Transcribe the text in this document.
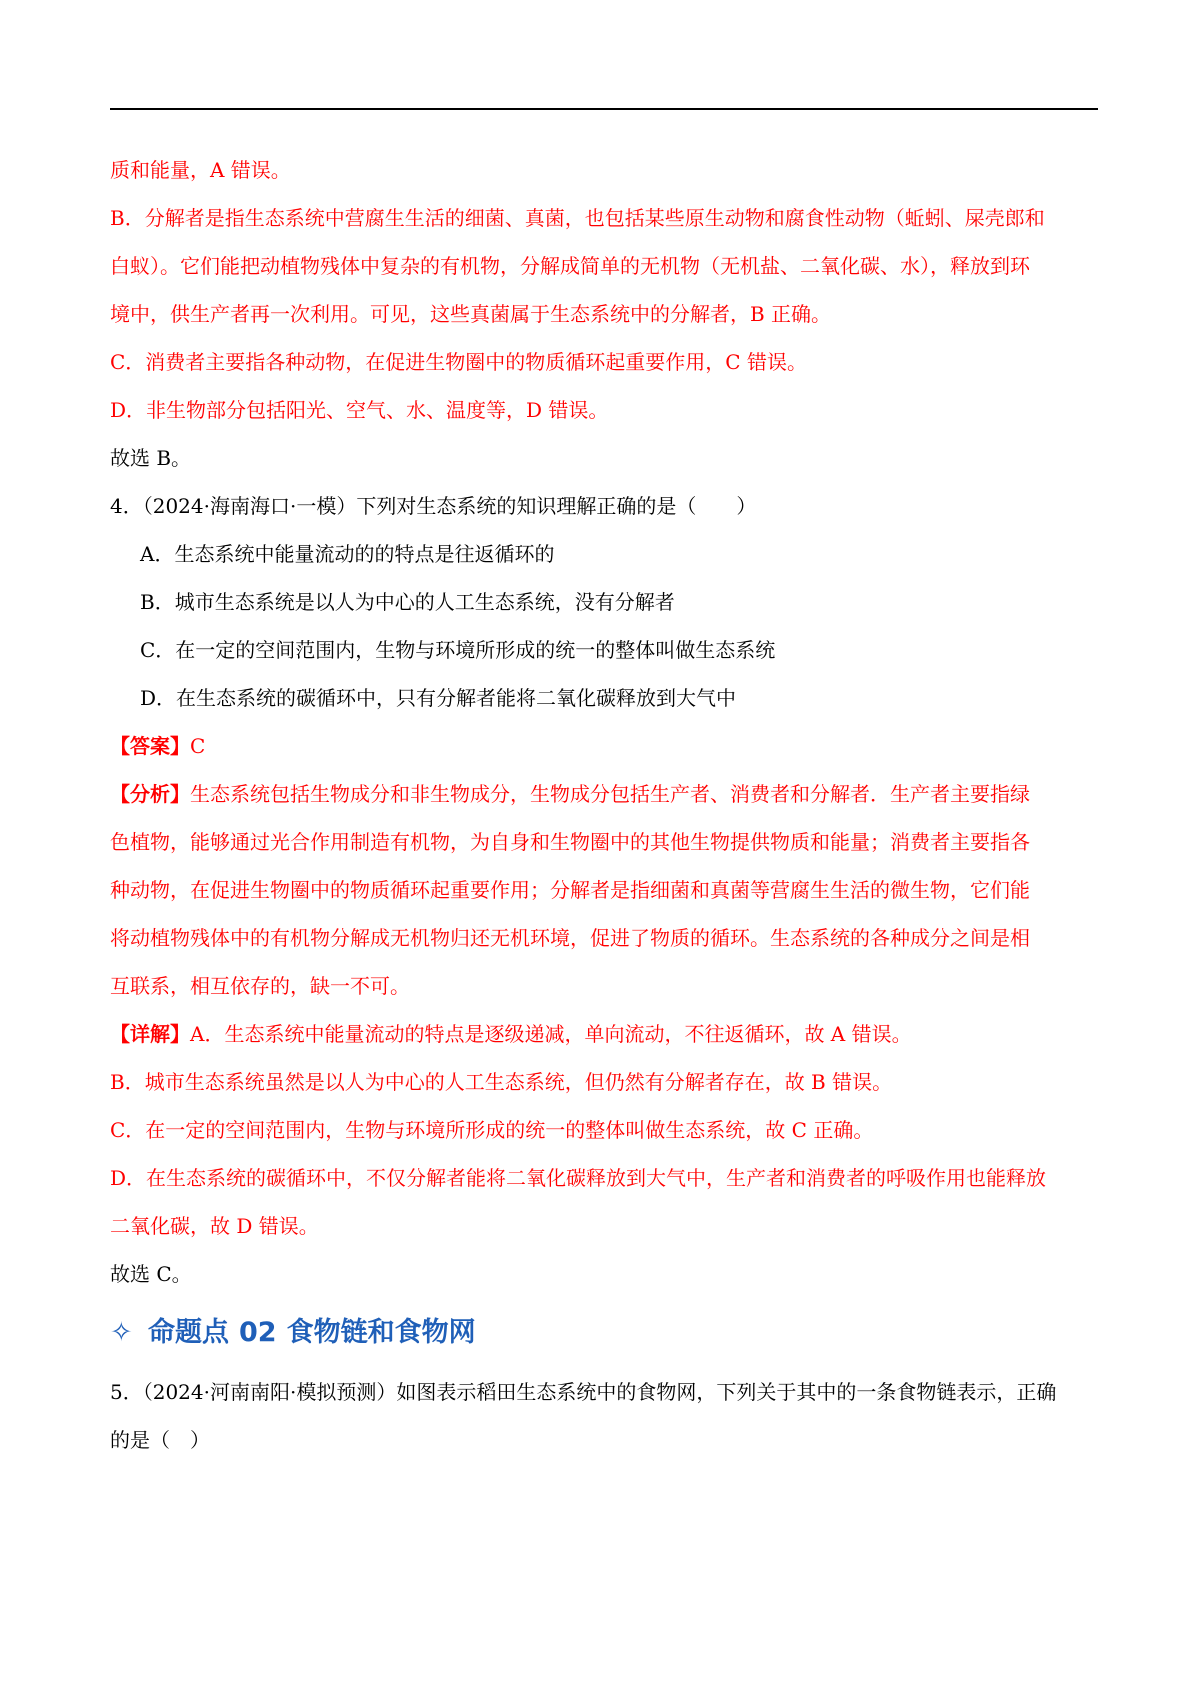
质和能量，A 错误。
B．分解者是指生态系统中营腐生生活的细菌、真菌，也包括某些原生动物和腐食性动物（蚯蚓、屎壳郎和
白蚁）。它们能把动植物残体中复杂的有机物，分解成简单的无机物（无机盐、二氧化碳、水），释放到环
境中，供生产者再一次利用。可见，这些真菌属于生态系统中的分解者，B 正确。
C．消费者主要指各种动物，在促进生物圈中的物质循环起重要作用，C 错误。
D．非生物部分包括阳光、空气、水、温度等，D 错误。
故选 B。
4．（2024·海南海口·一模）下列对生态系统的知识理解正确的是（　　）
A．生态系统中能量流动的的特点是往返循环的
B．城市生态系统是以人为中心的人工生态系统，没有分解者
C．在一定的空间范围内，生物与环境所形成的统一的整体叫做生态系统
D．在生态系统的碳循环中，只有分解者能将二氧化碳释放到大气中
【答案】C
【分析】生态系统包括生物成分和非生物成分，生物成分包括生产者、消费者和分解者．生产者主要指绿
色植物，能够通过光合作用制造有机物，为自身和生物圈中的其他生物提供物质和能量；消费者主要指各
种动物，在促进生物圈中的物质循环起重要作用；分解者是指细菌和真菌等营腐生生活的微生物，它们能
将动植物残体中的有机物分解成无机物归还无机环境，促进了物质的循环。生态系统的各种成分之间是相
互联系，相互依存的，缺一不可。
【详解】A．生态系统中能量流动的特点是逐级递减，单向流动，不往返循环，故 A 错误。
B．城市生态系统虽然是以人为中心的人工生态系统，但仍然有分解者存在，故 B 错误。
C．在一定的空间范围内，生物与环境所形成的统一的整体叫做生态系统，故 C 正确。
D．在生态系统的碳循环中，不仅分解者能将二氧化碳释放到大气中，生产者和消费者的呼吸作用也能释放
二氧化碳，故 D 错误。
故选 C。
✧ 命题点 02 食物链和食物网
5．（2024·河南南阳·模拟预测）如图表示稻田生态系统中的食物网，下列关于其中的一条食物链表示，正确
的是（　）
